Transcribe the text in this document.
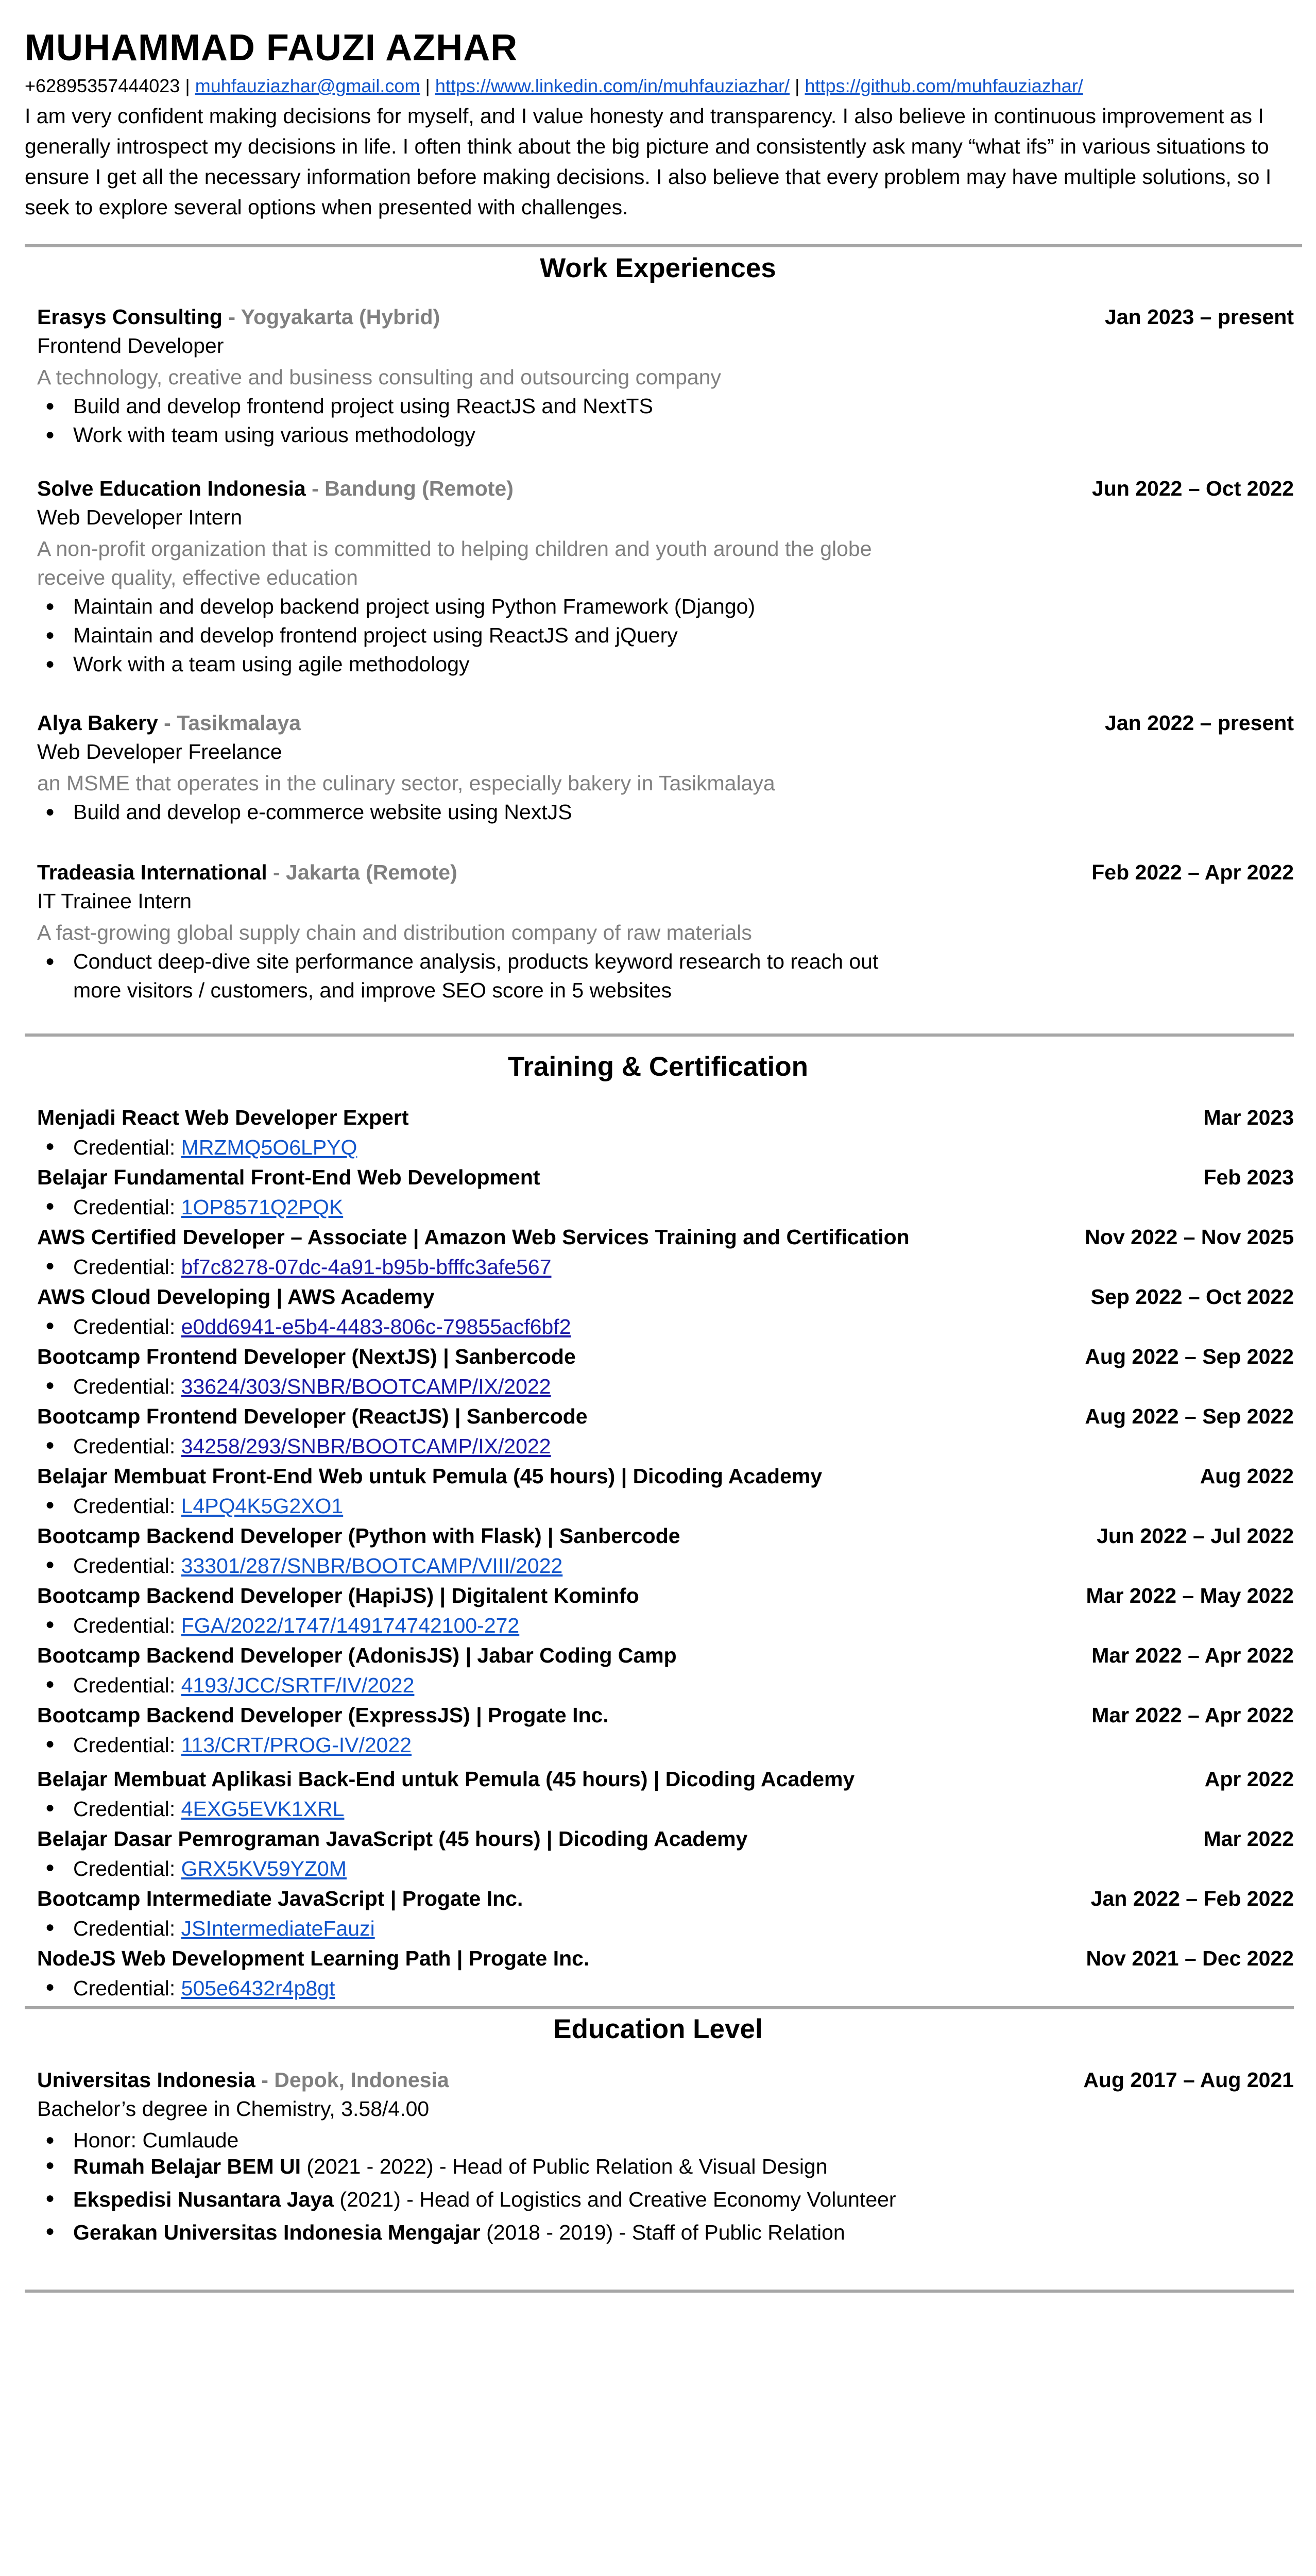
MUHAMMAD FAUZI AZHAR
+62895357444023 | muhfauziazhar@gmail.com | https://www.linkedin.com/in/muhfauziazhar/ | https://github.com/muhfauziazhar/
I am very confident making decisions for myself, and I value honesty and transparency. I also believe in continuous improvement as I generally introspect my decisions in life. I often think about the big picture and consistently ask many “what ifs” in various situations to ensure I get all the necessary information before making decisions. I also believe that every problem may have multiple solutions, so I seek to explore several options when presented with challenges.
Work Experiences
Erasys Consulting - Yogyakarta (Hybrid)	Jan 2023 – present
Frontend Developer
A technology, creative and business consulting and outsourcing company
● Build and develop frontend project using ReactJS and NextTS
● Work with team using various methodology
Solve Education Indonesia - Bandung (Remote)	Jun 2022 – Oct 2022
Web Developer Intern
A non-profit organization that is committed to helping children and youth around the globe receive quality, effective education
● Maintain and develop backend project using Python Framework (Django)
● Maintain and develop frontend project using ReactJS and jQuery
● Work with a team using agile methodology
Alya Bakery - Tasikmalaya	Jan 2022 – present
Web Developer Freelance
an MSME that operates in the culinary sector, especially bakery in Tasikmalaya
● Build and develop e-commerce website using NextJS
Tradeasia International - Jakarta (Remote)	Feb 2022 – Apr 2022
IT Trainee Intern
A fast-growing global supply chain and distribution company of raw materials
● Conduct deep-dive site performance analysis, products keyword research to reach out more visitors / customers, and improve SEO score in 5 websites
Training & Certification
Menjadi React Web Developer Expert	Mar 2023
● Credential: MRZMQ5O6LPYQ
Belajar Fundamental Front-End Web Development	Feb 2023
● Credential: 1OP8571Q2PQK
AWS Certified Developer – Associate | Amazon Web Services Training and Certification	Nov 2022 – Nov 2025
● Credential: bf7c8278-07dc-4a91-b95b-bfffc3afe567
AWS Cloud Developing | AWS Academy	Sep 2022 – Oct 2022
● Credential: e0dd6941-e5b4-4483-806c-79855acf6bf2
Bootcamp Frontend Developer (NextJS) | Sanbercode	Aug 2022 – Sep 2022
● Credential: 33624/303/SNBR/BOOTCAMP/IX/2022
Bootcamp Frontend Developer (ReactJS) | Sanbercode	Aug 2022 – Sep 2022
● Credential: 34258/293/SNBR/BOOTCAMP/IX/2022
Belajar Membuat Front-End Web untuk Pemula (45 hours) | Dicoding Academy	Aug 2022
● Credential: L4PQ4K5G2XO1
Bootcamp Backend Developer (Python with Flask) | Sanbercode	Jun 2022 – Jul 2022
● Credential: 33301/287/SNBR/BOOTCAMP/VIII/2022
Bootcamp Backend Developer (HapiJS) | Digitalent Kominfo	Mar 2022 – May 2022
● Credential: FGA/2022/1747/149174742100-272
Bootcamp Backend Developer (AdonisJS) | Jabar Coding Camp	Mar 2022 – Apr 2022
● Credential: 4193/JCC/SRTF/IV/2022
Bootcamp Backend Developer (ExpressJS) | Progate Inc.	Mar 2022 – Apr 2022
● Credential: 113/CRT/PROG-IV/2022
Belajar Membuat Aplikasi Back-End untuk Pemula (45 hours) | Dicoding Academy	Apr 2022
● Credential: 4EXG5EVK1XRL
Belajar Dasar Pemrograman JavaScript (45 hours) | Dicoding Academy	Mar 2022
● Credential: GRX5KV59YZ0M
Bootcamp Intermediate JavaScript | Progate Inc.	Jan 2022 – Feb 2022
● Credential: JSIntermediateFauzi
NodeJS Web Development Learning Path | Progate Inc.	Nov 2021 – Dec 2022
● Credential: 505e6432r4p8gt
Education Level
Universitas Indonesia - Depok, Indonesia	Aug 2017 – Aug 2021
Bachelor’s degree in Chemistry, 3.58/4.00
● Honor: Cumlaude
● Rumah Belajar BEM UI (2021 - 2022) - Head of Public Relation & Visual Design
● Ekspedisi Nusantara Jaya (2021) - Head of Logistics and Creative Economy Volunteer
● Gerakan Universitas Indonesia Mengajar (2018 - 2019) - Staff of Public Relation
